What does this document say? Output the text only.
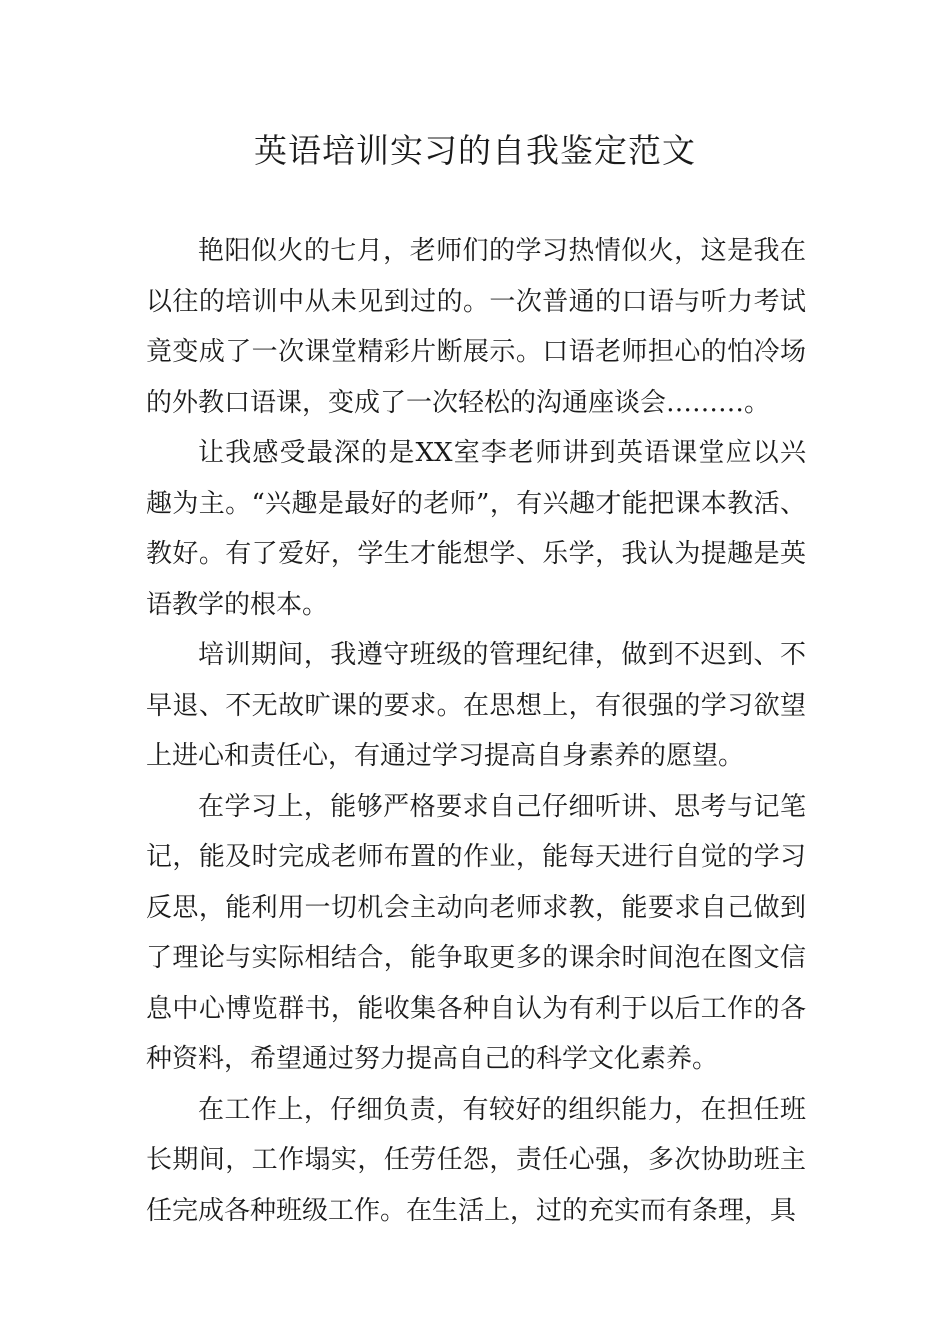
英语培训实习的自我鉴定范文

艳阳似火的七月，老师们的学习热情似火，这是我在以往的培训中从未见到过的。一次普通的口语与听力考试竟变成了一次课堂精彩片断展示。口语老师担心的怕冷场的外教口语课，变成了一次轻松的沟通座谈会………。

让我感受最深的是XX室李老师讲到英语课堂应以兴趣为主。“兴趣是最好的老师”，有兴趣才能把课本教活、教好。有了爱好，学生才能想学、乐学，我认为提趣是英语教学的根本。

培训期间，我遵守班级的管理纪律，做到不迟到、不早退、不无故旷课的要求。在思想上，有很强的学习欲望上进心和责任心，有通过学习提高自身素养的愿望。

在学习上，能够严格要求自己仔细听讲、思考与记笔记，能及时完成老师布置的作业，能每天进行自觉的学习反思，能利用一切机会主动向老师求教，能要求自己做到了理论与实际相结合，能争取更多的课余时间泡在图文信息中心博览群书，能收集各种自认为有利于以后工作的各种资料，希望通过努力提高自己的科学文化素养。

在工作上，仔细负责，有较好的组织能力，在担任班长期间，工作塌实，任劳任怨，责任心强，多次协助班主任完成各种班级工作。在生活上，过的充实而有条理，具
